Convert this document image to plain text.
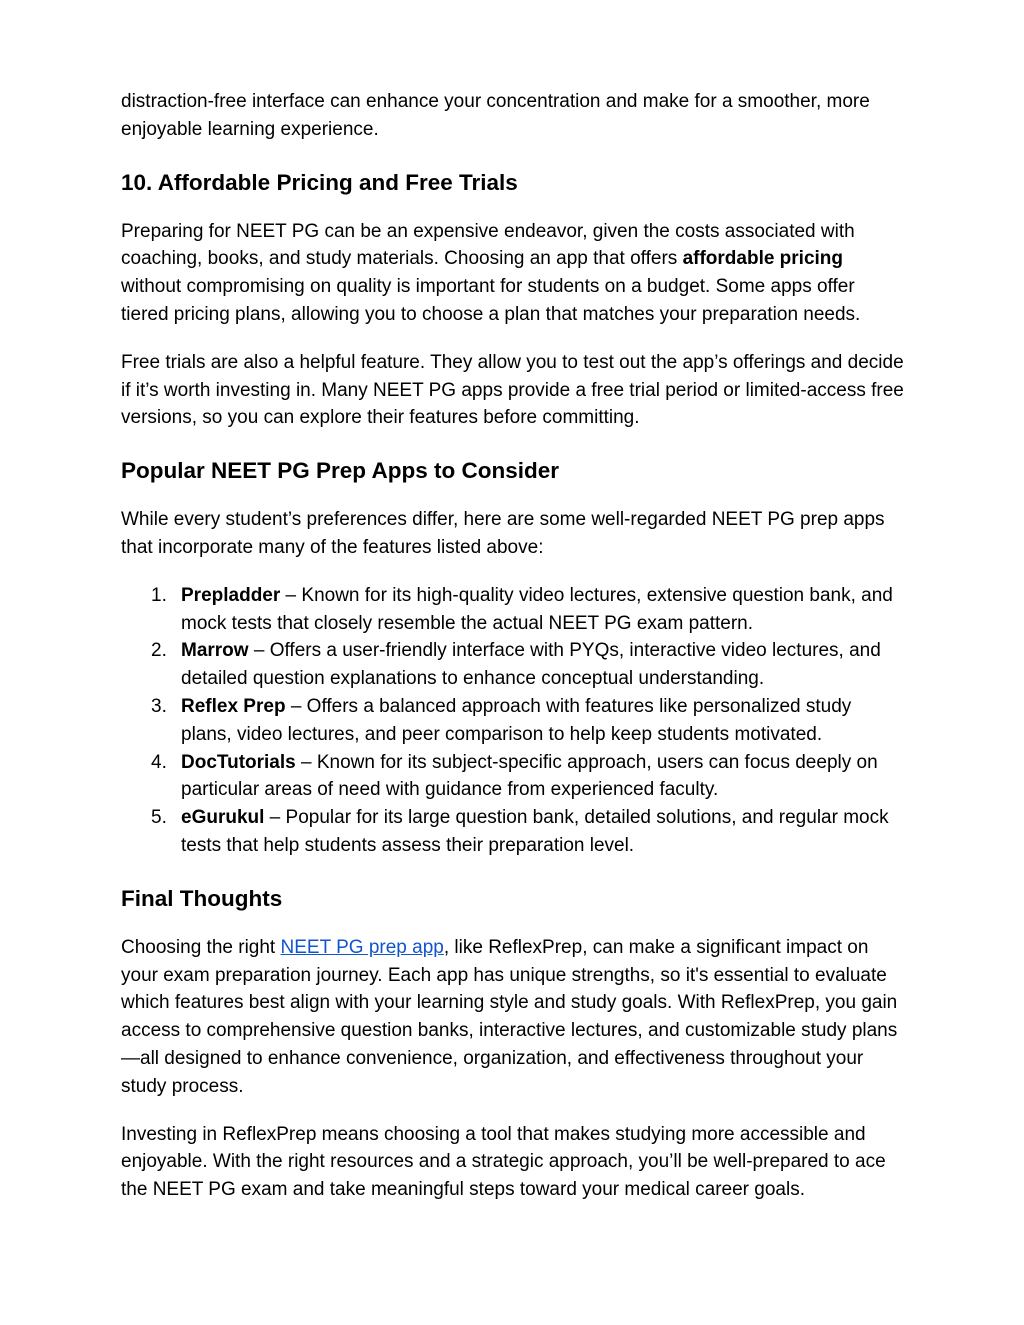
distraction-free interface can enhance your concentration and make for a smoother, more enjoyable learning experience.

10. Affordable Pricing and Free Trials

Preparing for NEET PG can be an expensive endeavor, given the costs associated with coaching, books, and study materials. Choosing an app that offers affordable pricing without compromising on quality is important for students on a budget. Some apps offer tiered pricing plans, allowing you to choose a plan that matches your preparation needs.

Free trials are also a helpful feature. They allow you to test out the app’s offerings and decide if it’s worth investing in. Many NEET PG apps provide a free trial period or limited-access free versions, so you can explore their features before committing.

Popular NEET PG Prep Apps to Consider

While every student’s preferences differ, here are some well-regarded NEET PG prep apps that incorporate many of the features listed above:

1. Prepladder – Known for its high-quality video lectures, extensive question bank, and mock tests that closely resemble the actual NEET PG exam pattern.
2. Marrow – Offers a user-friendly interface with PYQs, interactive video lectures, and detailed question explanations to enhance conceptual understanding.
3. Reflex Prep – Offers a balanced approach with features like personalized study plans, video lectures, and peer comparison to help keep students motivated.
4. DocTutorials – Known for its subject-specific approach, users can focus deeply on particular areas of need with guidance from experienced faculty.
5. eGurukul – Popular for its large question bank, detailed solutions, and regular mock tests that help students assess their preparation level.
Final Thoughts

Choosing the right NEET PG prep app, like ReflexPrep, can make a significant impact on your exam preparation journey. Each app has unique strengths, so it's essential to evaluate which features best align with your learning style and study goals. With ReflexPrep, you gain access to comprehensive question banks, interactive lectures, and customizable study plans—all designed to enhance convenience, organization, and effectiveness throughout your study process.

Investing in ReflexPrep means choosing a tool that makes studying more accessible and enjoyable. With the right resources and a strategic approach, you’ll be well-prepared to ace the NEET PG exam and take meaningful steps toward your medical career goals.
